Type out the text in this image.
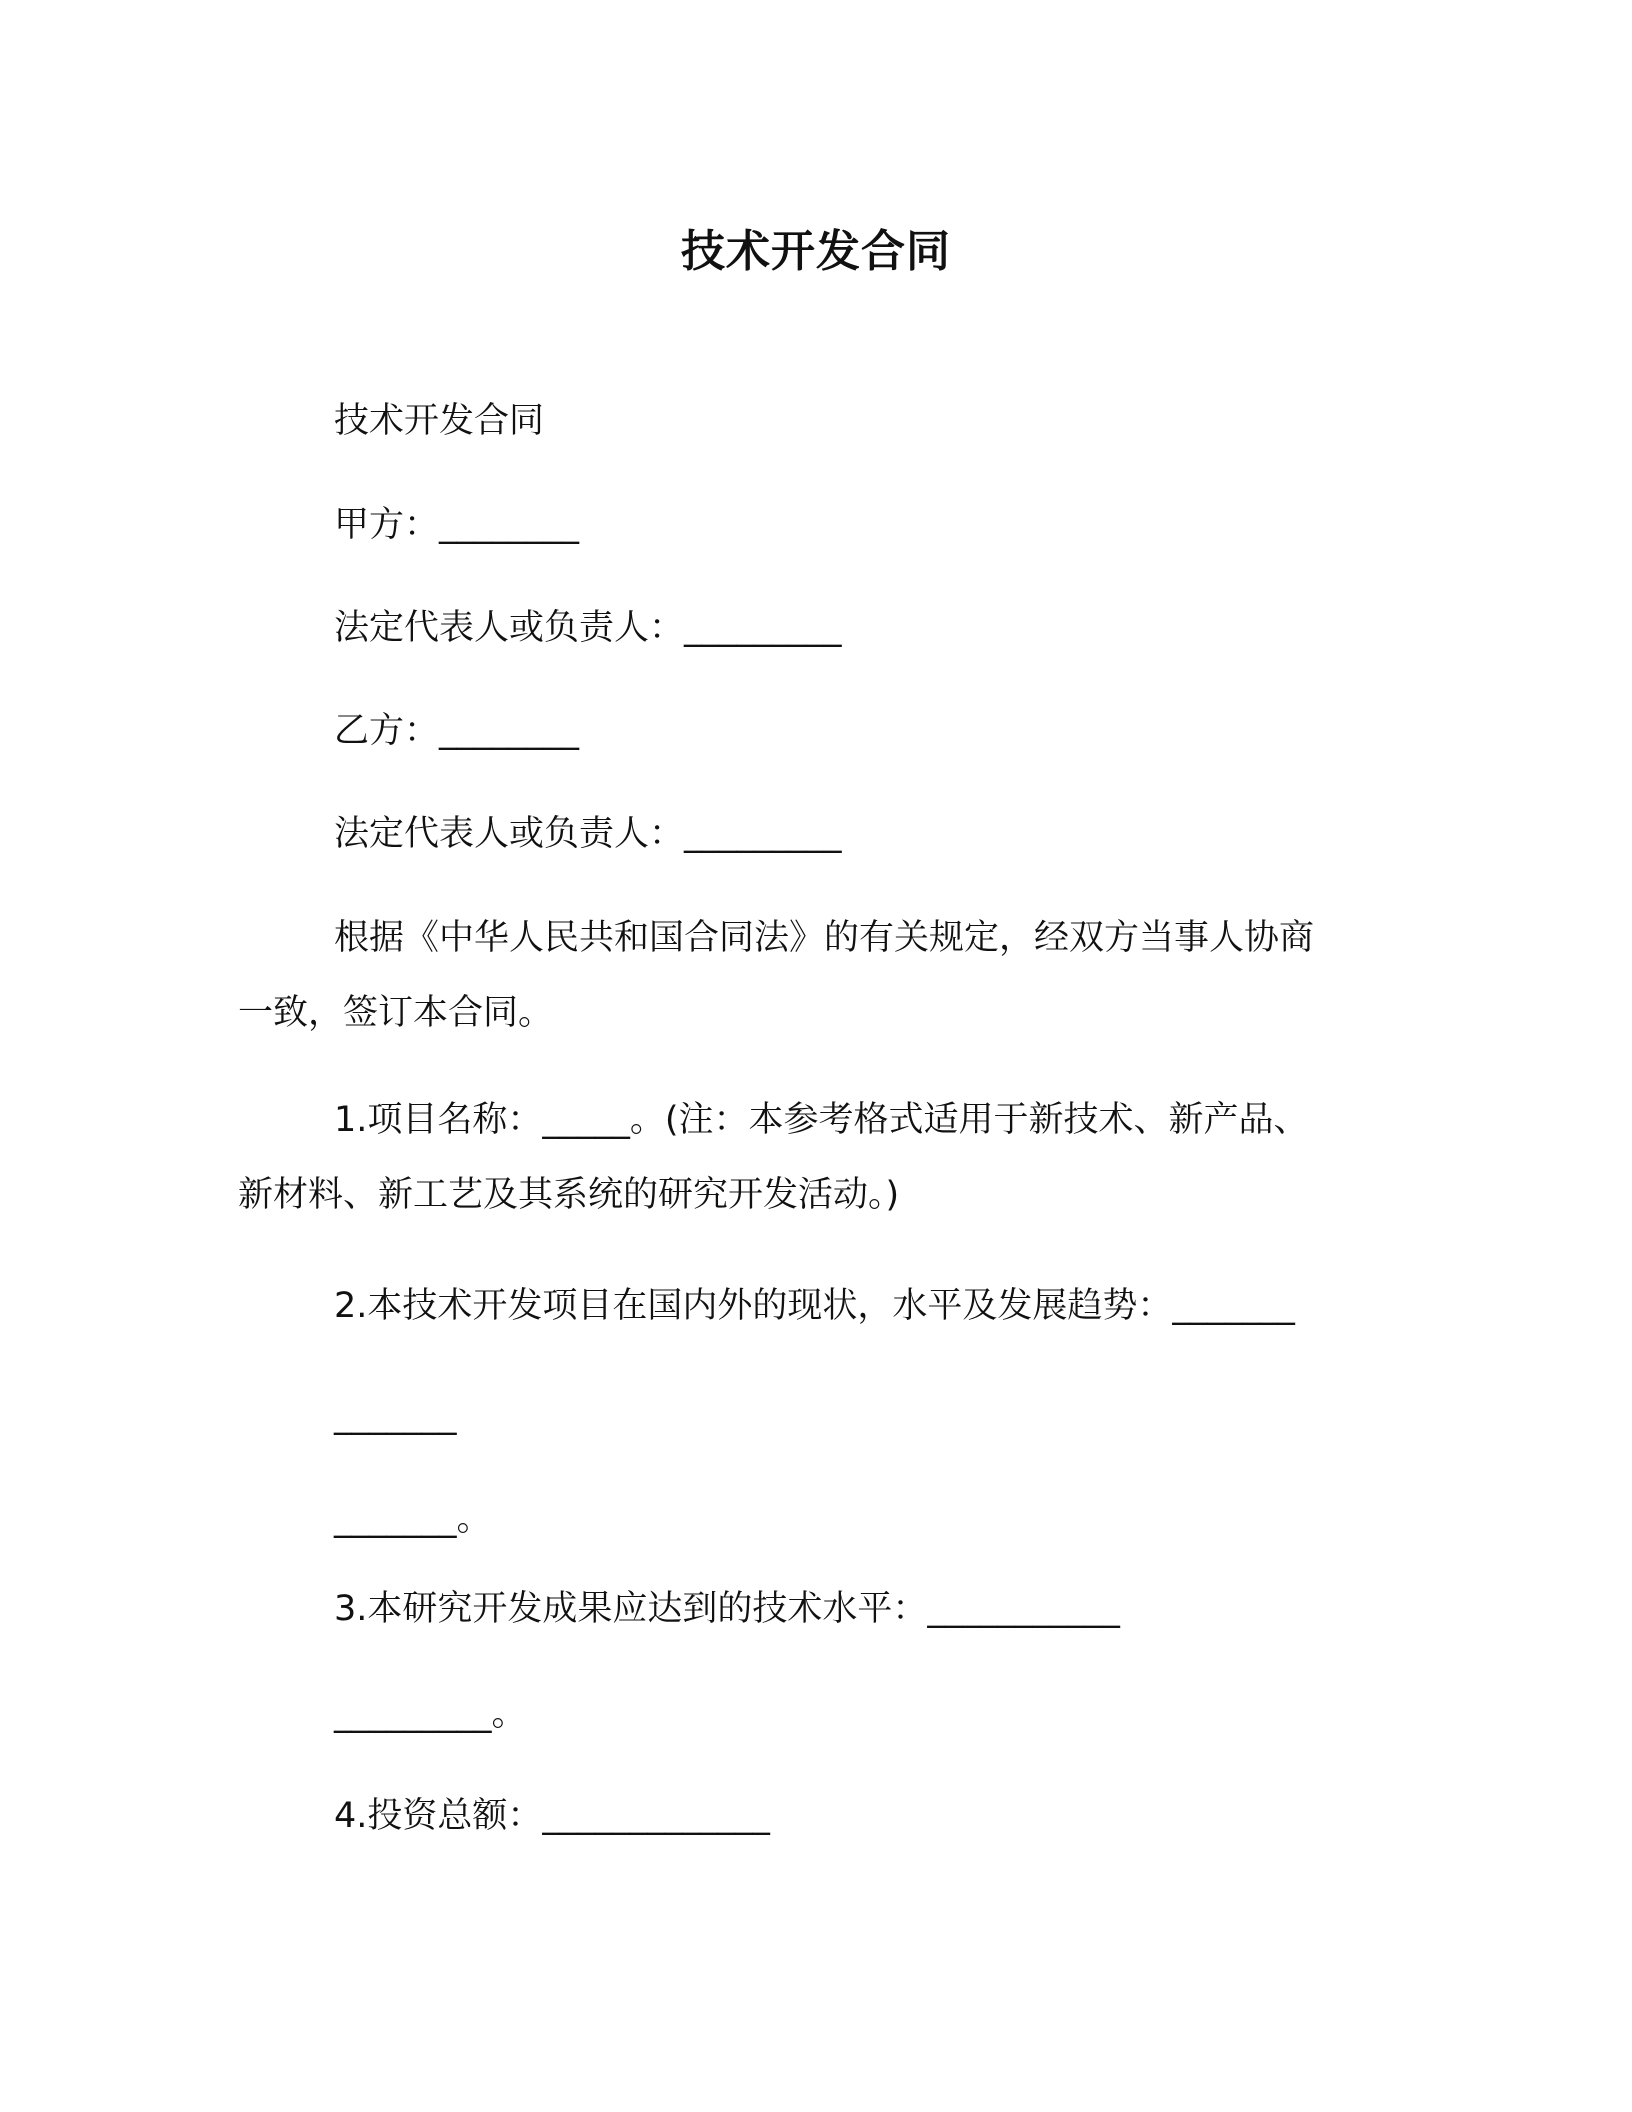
技术开发合同
技术开发合同
甲方：________
法定代表人或负责人：_________
乙方：________
法定代表人或负责人：_________
根据《中华人民共和国合同法》的有关规定，经双方当事人协商
一致，签订本合同。
1.项目名称：_____。(注：本参考格式适用于新技术、新产品、
新材料、新工艺及其系统的研究开发活动。)
2.本技术开发项目在国内外的现状，水平及发展趋势：_______
_______
_______。
3.本研究开发成果应达到的技术水平：___________
_________。
4.投资总额：_____________
